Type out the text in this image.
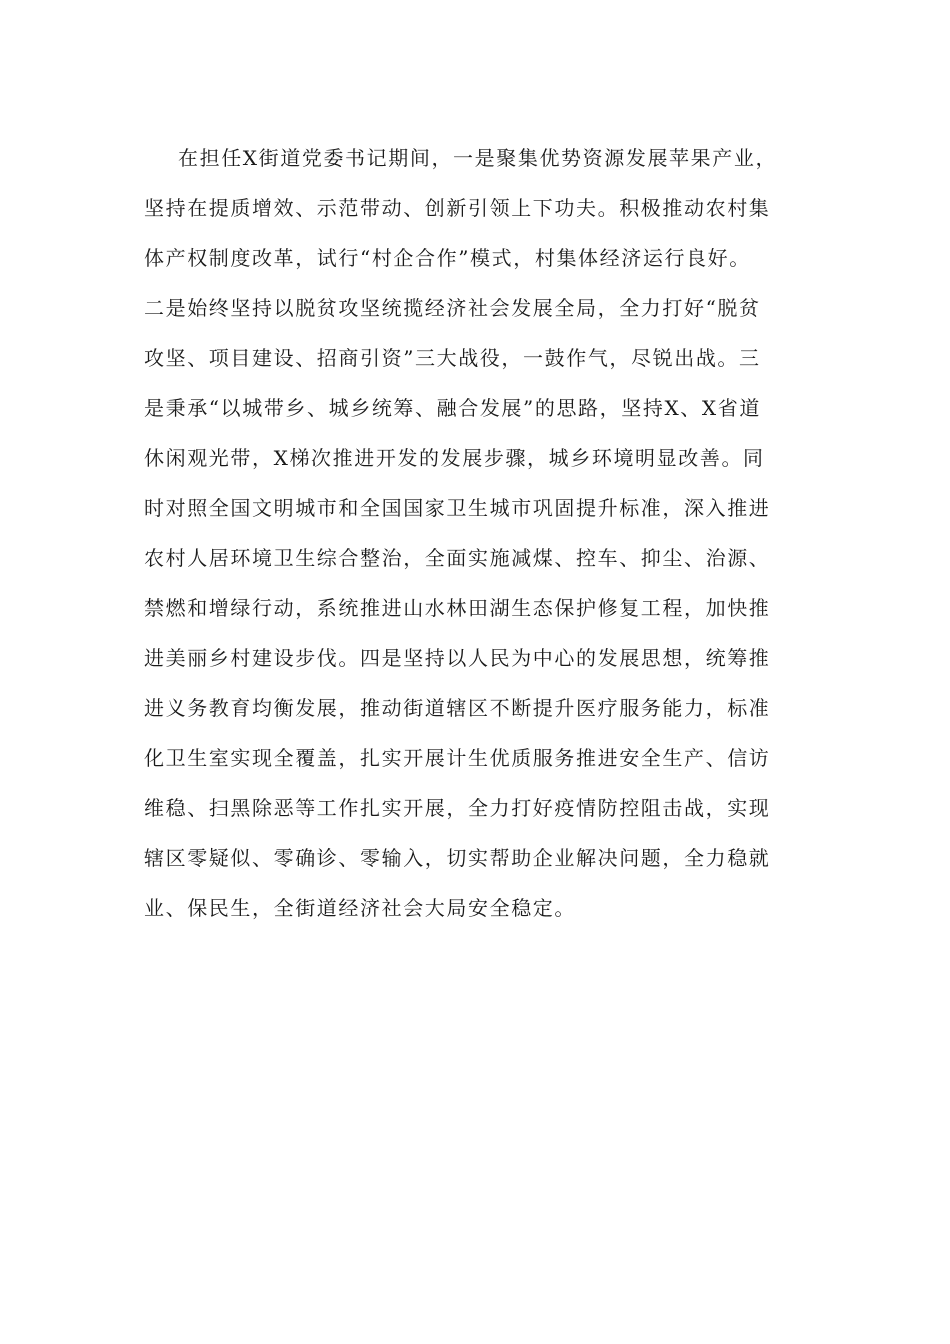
在担任X街道党委书记期间，一是聚集优势资源发展苹果产业，
坚持在提质增效、示范带动、创新引领上下功夫。积极推动农村集
体产权制度改革，试行“村企合作”模式，村集体经济运行良好。
二是始终坚持以脱贫攻坚统揽经济社会发展全局，全力打好“脱贫
攻坚、项目建设、招商引资”三大战役，一鼓作气，尽锐出战。三
是秉承“以城带乡、城乡统筹、融合发展”的思路，坚持X、X省道
休闲观光带，X梯次推进开发的发展步骤，城乡环境明显改善。同
时对照全国文明城市和全国国家卫生城市巩固提升标准，深入推进
农村人居环境卫生综合整治，全面实施减煤、控车、抑尘、治源、
禁燃和增绿行动，系统推进山水林田湖生态保护修复工程，加快推
进美丽乡村建设步伐。四是坚持以人民为中心的发展思想，统筹推
进义务教育均衡发展，推动街道辖区不断提升医疗服务能力，标准
化卫生室实现全覆盖，扎实开展计生优质服务推进安全生产、信访
维稳、扫黑除恶等工作扎实开展，全力打好疫情防控阻击战，实现
辖区零疑似、零确诊、零输入，切实帮助企业解决问题，全力稳就
业、保民生，全街道经济社会大局安全稳定。
